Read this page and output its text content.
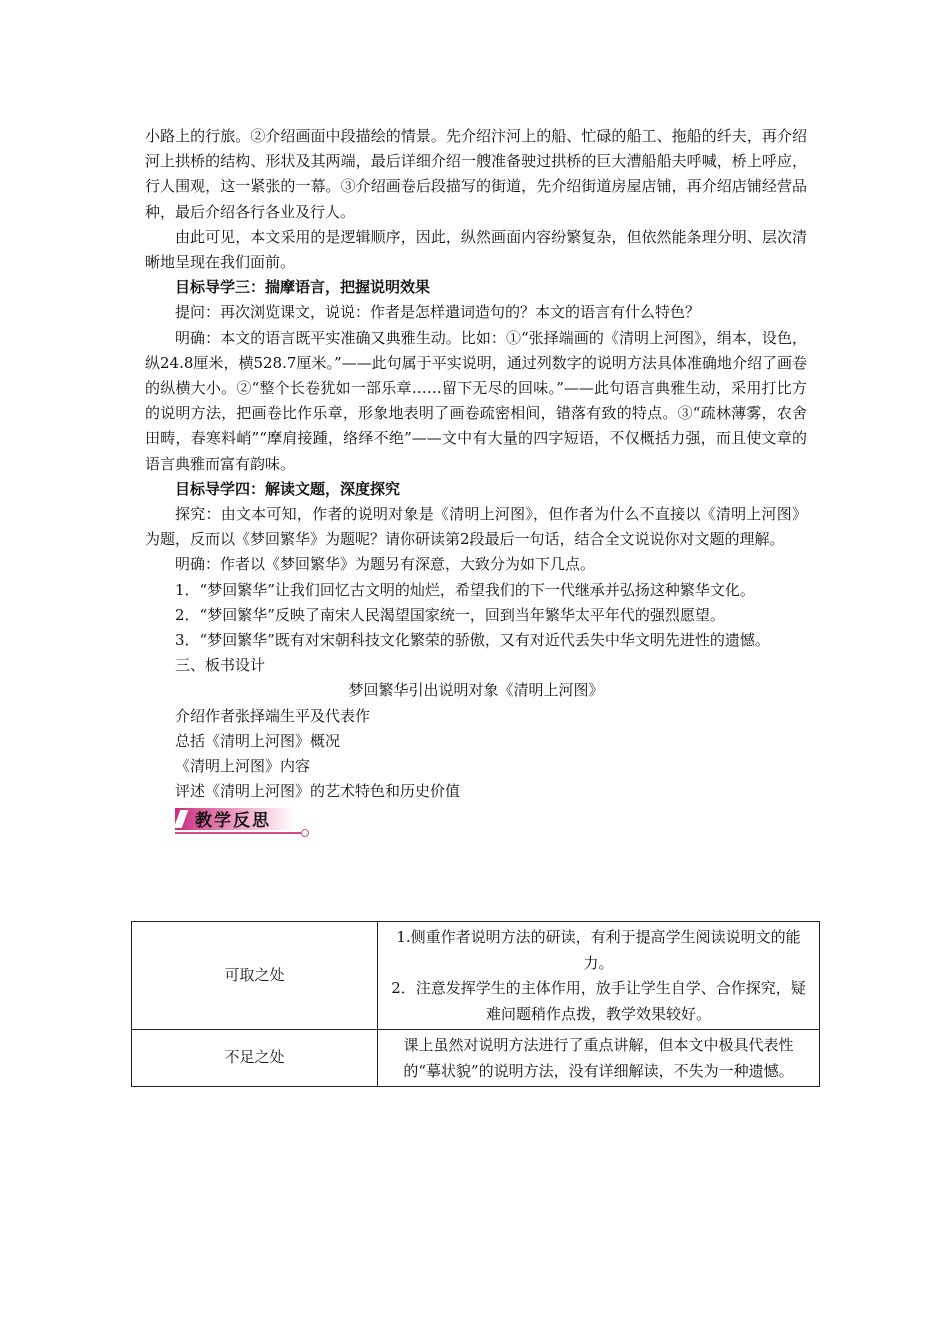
小路上的行旅。②介绍画面中段描绘的情景。先介绍汴河上的船、忙碌的船工、拖船的纤夫，再介绍河上拱桥的结构、形状及其两端，最后详细介绍一艘准备驶过拱桥的巨大漕船船夫呼喊，桥上呼应，行人围观，这一紧张的一幕。③介绍画卷后段描写的街道，先介绍街道房屋店铺，再介绍店铺经营品种，最后介绍各行各业及行人。

由此可见，本文采用的是逻辑顺序，因此，纵然画面内容纷繁复杂，但依然能条理分明、层次清晰地呈现在我们面前。

目标导学三：揣摩语言，把握说明效果

提问：再次浏览课文，说说：作者是怎样遣词造句的？本文的语言有什么特色？

明确：本文的语言既平实准确又典雅生动。比如：①“张择端画的《清明上河图》，绢本，设色，纵24.8厘米，横528.7厘米。”——此句属于平实说明，通过列数字的说明方法具体准确地介绍了画卷的纵横大小。②“整个长卷犹如一部乐章……留下无尽的回味。”——此句语言典雅生动，采用打比方的说明方法，把画卷比作乐章，形象地表明了画卷疏密相间，错落有致的特点。③“疏林薄雾，农舍田畴，春寒料峭”“摩肩接踵，络绎不绝”——文中有大量的四字短语，不仅概括力强，而且使文章的语言典雅而富有韵味。

目标导学四：解读文题，深度探究

探究：由文本可知，作者的说明对象是《清明上河图》，但作者为什么不直接以《清明上河图》为题，反而以《梦回繁华》为题呢？请你研读第2段最后一句话，结合全文说说你对文题的理解。

明确：作者以《梦回繁华》为题另有深意，大致分为如下几点。

1．“梦回繁华”让我们回忆古文明的灿烂，希望我们的下一代继承并弘扬这种繁华文化。

2．“梦回繁华”反映了南宋人民渴望国家统一，回到当年繁华太平年代的强烈愿望。

3．“梦回繁华”既有对宋朝科技文化繁荣的骄傲，又有对近代丢失中华文明先进性的遗憾。

三、板书设计

梦回繁华引出说明对象《清明上河图》

介绍作者张择端生平及代表作

总括《清明上河图》概况

《清明上河图》内容

评述《清明上河图》的艺术特色和历史价值

教学反思
可取之处	1.侧重作者说明方法的研读，有利于提高学生阅读说明文的能力。
2．注意发挥学生的主体作用，放手让学生自学、合作探究，疑难问题稍作点拨，教学效果较好。

不足之处	课上虽然对说明方法进行了重点讲解，但本文中极具代表性的“摹状貌”的说明方法，没有详细解读，不失为一种遗憾。
